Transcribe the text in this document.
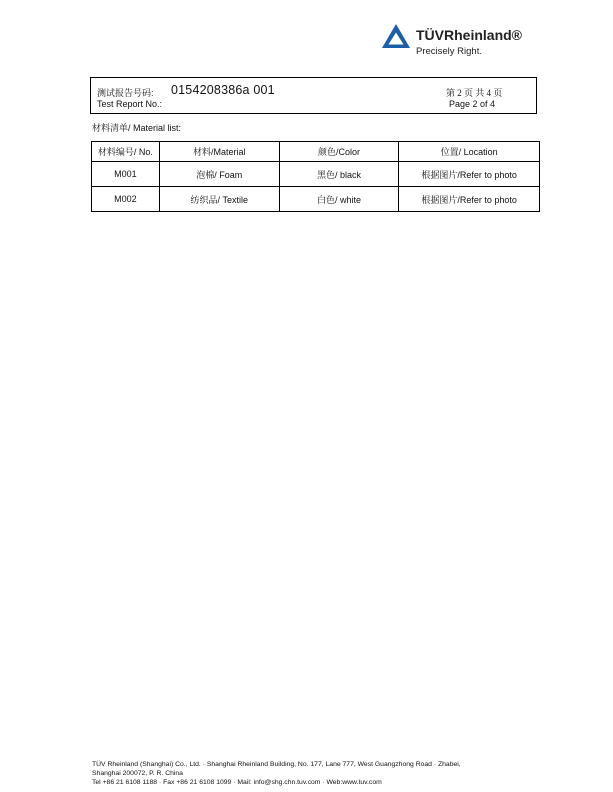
TÜVRheinland®
Precisely Right.
测试报告号码:
Test Report No.:
0154208386a 001	第 2 页 共 4 页
Page 2 of 4
材料清单/ Material list:
材料编号/ No.	材料/Material	颜色/Color	位置/ Location
M001	泡棉/ Foam	黑色/ black	根据图片/Refer to photo
M002	纺织品/ Textile	白色/ white	根据图片/Refer to photo
TÜV Rheinland (Shanghai) Co., Ltd. · Shanghai Rheinland Building, No. 177, Lane 777, West Guangzhong Road · Zhabei,
Shanghai 200072, P. R. China
Tel +86 21 6108 1188 · Fax +86 21 6108 1099 · Mail: info@shg.chn.tuv.com · Web:www.tuv.com
